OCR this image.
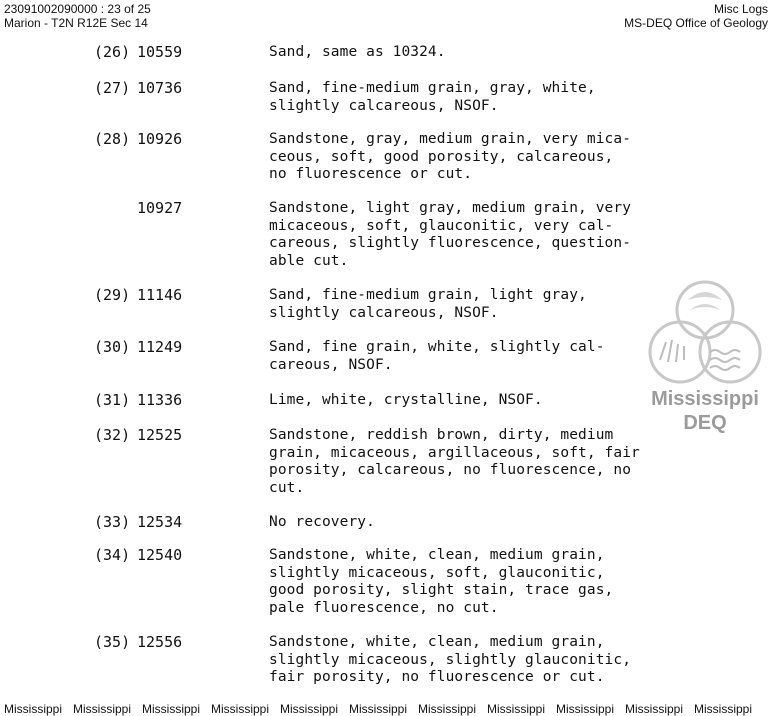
23091002090000 : 23 of 25
Marion - T2N R12E Sec 14
Misc Logs
MS-DEQ Office of Geology
(26) 10559	Sand, same as 10324.
(27) 10736	Sand, fine-medium grain, gray, white,
slightly calcareous, NSOF.
(28) 10926	Sandstone, gray, medium grain, very mica-
ceous, soft, good porosity, calcareous,
no fluorescence or cut.
10927	Sandstone, light gray, medium grain, very
micaceous, soft, glauconitic, very cal-
careous, slightly fluorescence, question-
able cut.
(29) 11146	Sand, fine-medium grain, light gray,
slightly calcareous, NSOF.
(30) 11249	Sand, fine grain, white, slightly cal-
careous, NSOF.
(31) 11336	Lime, white, crystalline, NSOF.
(32) 12525	Sandstone, reddish brown, dirty, medium
grain, micaceous, argillaceous, soft, fair
porosity, calcareous, no fluorescence, no
cut.
(33) 12534	No recovery.
(34) 12540	Sandstone, white, clean, medium grain,
slightly micaceous, soft, glauconitic,
good porosity, slight stain, trace gas,
pale fluorescence, no cut.
(35) 12556	Sandstone, white, clean, medium grain,
slightly micaceous, slightly glauconitic,
fair porosity, no fluorescence or cut.
Mississippi
DEQ
Mississippi Mississippi Mississippi Mississippi Mississippi Mississippi Mississippi Mississippi Mississippi Mississippi Mississippi
